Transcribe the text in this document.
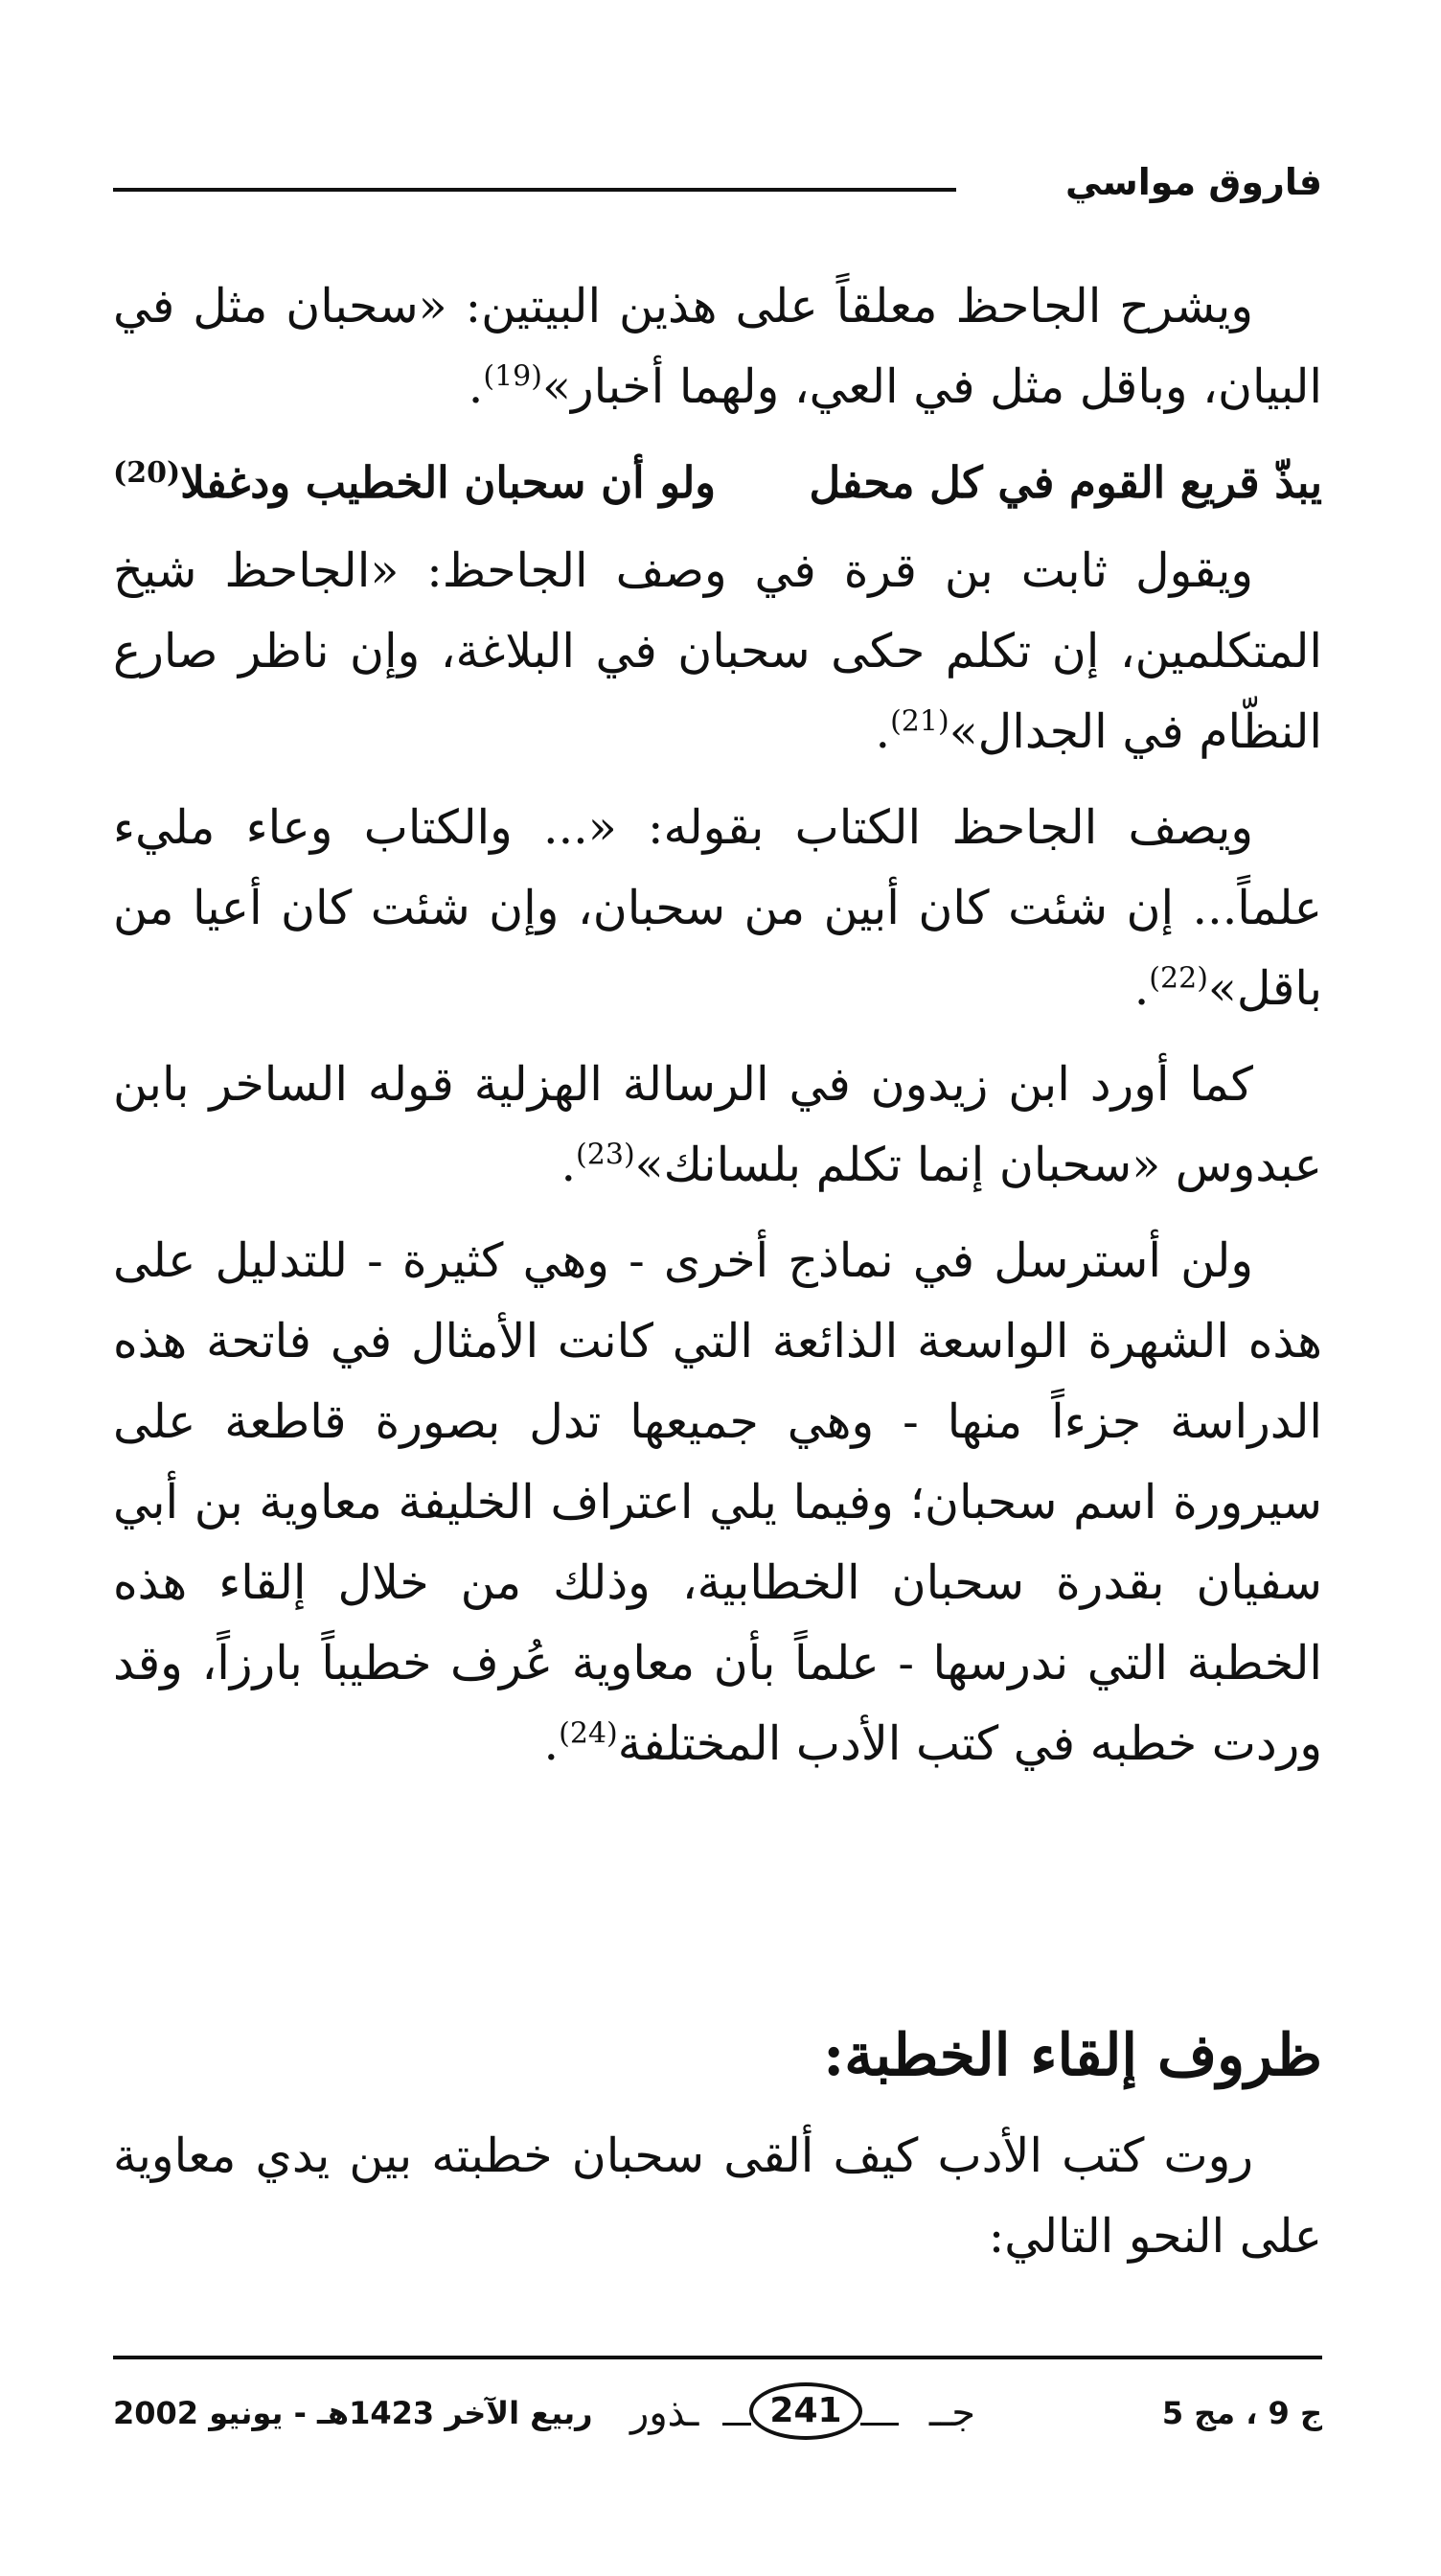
فاروق مواسي

ويشرح الجاحظ معلقاً على هذين البيتين: «سحبان مثل في البيان، وباقل مثل في العي، ولهما أخبار»$^{(19)}$.

يبذّ قريع القوم في كل محفل
ولو أن سحبان الخطيب ودغفلا$^{(20)}$

ويقول ثابت بن قرة في وصف الجاحظ: «الجاحظ شيخ المتكلمين، إن تكلم حكى سحبان في البلاغة، وإن ناظر صارع النظّام في الجدال»$^{(21)}$.

ويصف الجاحظ الكتاب بقوله: «... والكتاب وعاء مليء علماً... إن شئت كان أبين من سحبان، وإن شئت كان أعيا من باقل»$^{(22)}$.

كما أورد ابن زيدون في الرسالة الهزلية قوله الساخر بابن عبدوس «سحبان إنما تكلم بلسانك»$^{(23)}$.

ولن أسترسل في نماذج أخرى - وهي كثيرة - للتدليل على هذه الشهرة الواسعة الذائعة التي كانت الأمثال في فاتحة هذه الدراسة جزءاً منها - وهي جميعها تدل بصورة قاطعة على سيرورة اسم سحبان؛ وفيما يلي اعتراف الخليفة معاوية بن أبي سفيان بقدرة سحبان الخطابية، وذلك من خلال إلقاء هذه الخطبة التي ندرسها - علماً بأن معاوية عُرف خطيباً بارزاً، وقد وردت خطبه في كتب الأدب المختلفة$^{(24)}$.

ظروف إلقاء الخطبة:

روت كتب الأدب كيف ألقى سحبان خطبته بين يدي معاوية على النحو التالي:

ربيع الآخر 1423هـ - يونيو 2002 ـذور	241	جــ	ج 9 ، مج 5
